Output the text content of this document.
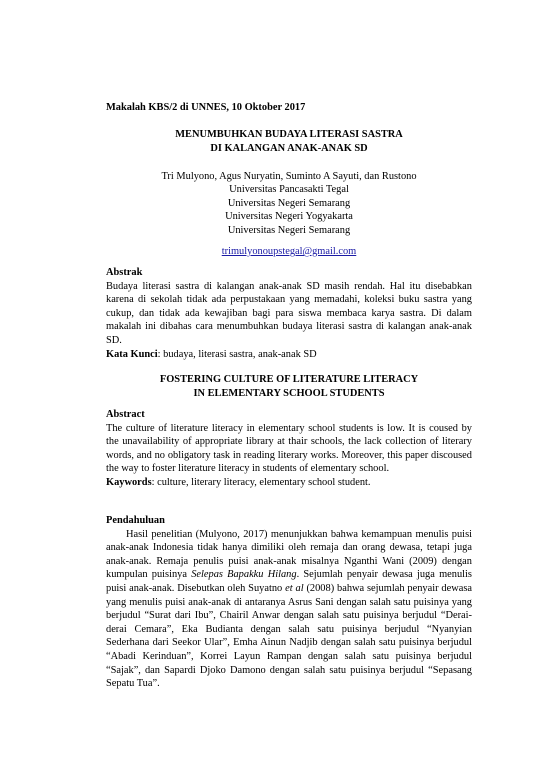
Makalah KBS/2 di UNNES, 10 Oktober 2017
MENUMBUHKAN BUDAYA LITERASI SASTRA
DI KALANGAN ANAK-ANAK SD
Tri Mulyono, Agus Nuryatin, Suminto A Sayuti, dan Rustono
Universitas Pancasakti Tegal
Universitas Negeri Semarang
Universitas Negeri Yogyakarta
Universitas Negeri Semarang
trimulyonoupstegal@gmail.com
Abstrak
Budaya literasi sastra di kalangan anak-anak SD masih rendah. Hal itu disebabkan karena di sekolah tidak ada perpustakaan yang memadahi, koleksi buku sastra yang cukup, dan tidak ada kewajiban bagi para siswa membaca karya sastra. Di dalam makalah ini dibahas cara menumbuhkan budaya literasi sastra di kalangan anak-anak SD.
Kata Kunci: budaya, literasi sastra, anak-anak SD
FOSTERING CULTURE OF LITERATURE LITERACY
IN ELEMENTARY SCHOOL STUDENTS
Abstract
The culture of literature literacy in elementary school students is low. It is coused by the unavailability of appropriate library at thair schools, the lack collection of literary words, and no obligatory task in reading literary works. Moreover, this paper discoused the way to foster literature literacy in students of elementary school.
Kaywords: culture, literary literacy, elementary school student.
Pendahuluan
Hasil penelitian (Mulyono, 2017) menunjukkan bahwa kemampuan menulis puisi anak-anak Indonesia tidak hanya dimiliki oleh remaja dan orang dewasa, tetapi juga anak-anak. Remaja penulis puisi anak-anak misalnya Nganthi Wani (2009) dengan kumpulan puisinya Selepas Bapakku Hilang. Sejumlah penyair dewasa juga menulis puisi anak-anak. Disebutkan oleh Suyatno et al (2008) bahwa sejumlah penyair dewasa yang menulis puisi anak-anak di antaranya Asrus Sani dengan salah satu puisinya yang berjudul “Surat dari Ibu”, Chairil Anwar dengan salah satu puisinya berjudul “Derai-derai Cemara”, Eka Budianta dengan salah satu puisinya berjudul “Nyanyian Sederhana dari Seekor Ular”, Emha Ainun Nadjib dengan salah satu puisinya berjudul “Abadi Kerinduan”, Korrei Layun Rampan dengan salah satu puisinya berjudul “Sajak”, dan Sapardi Djoko Damono dengan salah satu puisinya berjudul “Sepasang Sepatu Tua”.
